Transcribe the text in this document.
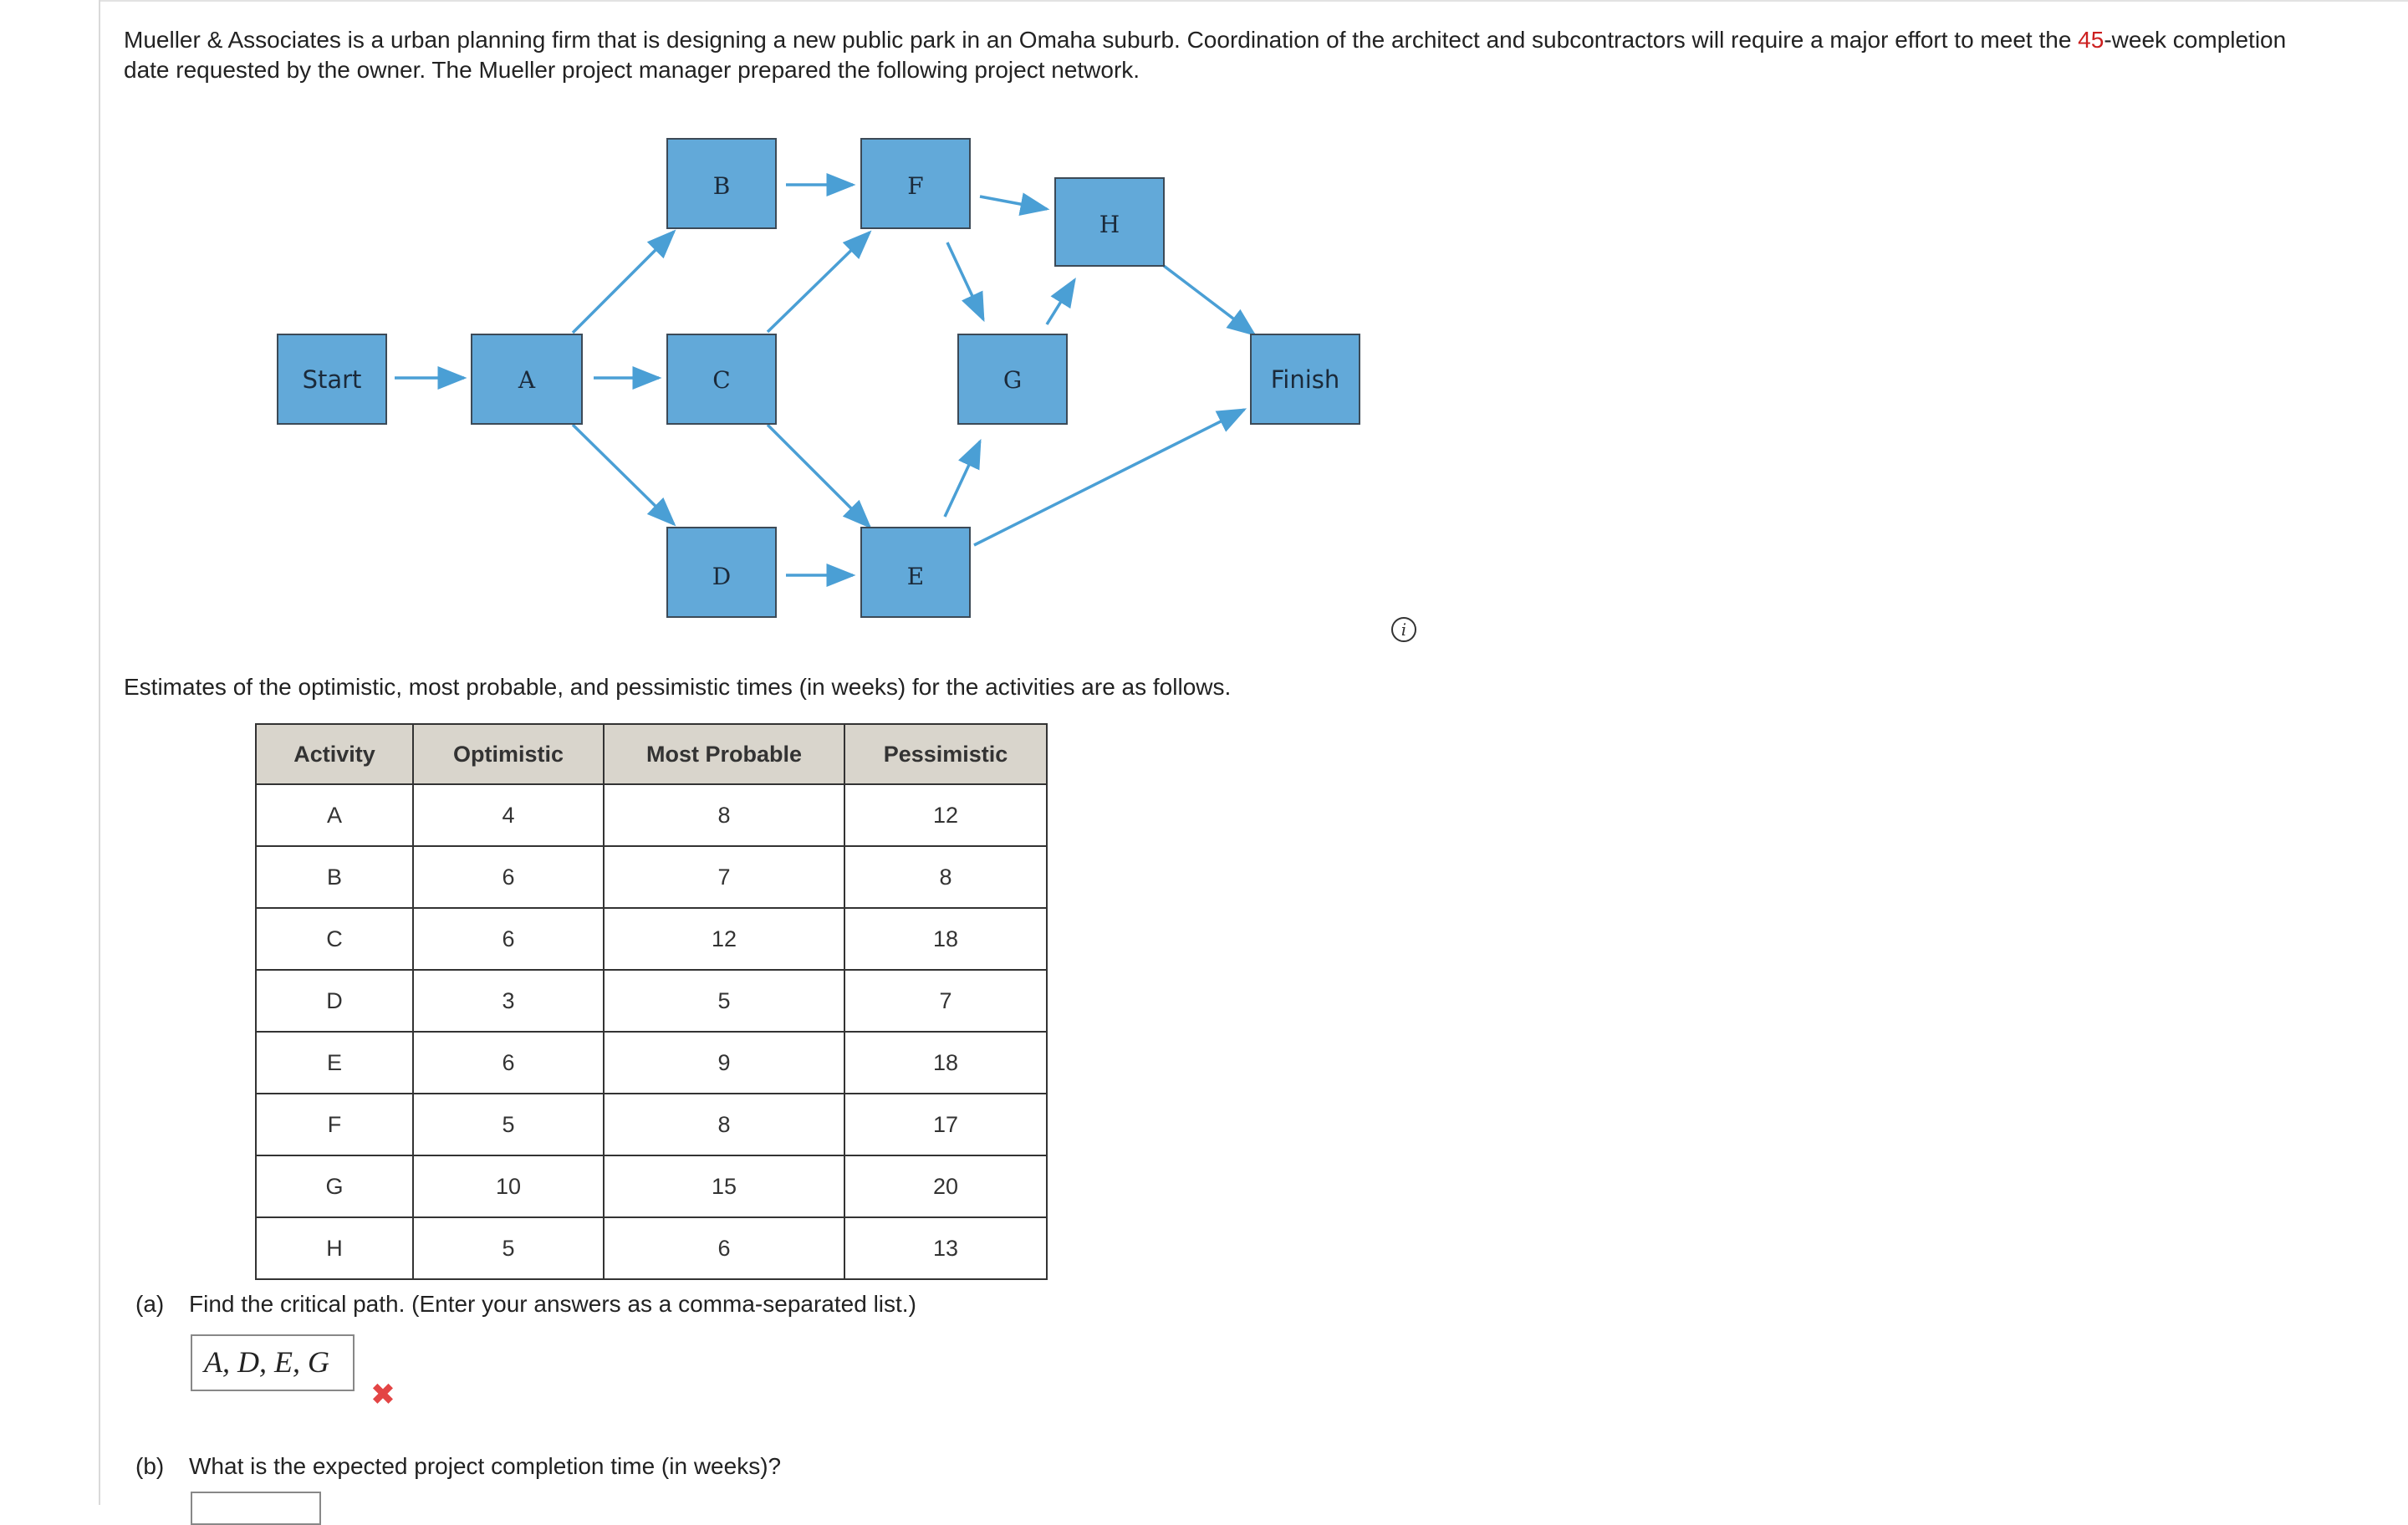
Mueller & Associates is a urban planning firm that is designing a new public park in an Omaha suburb. Coordination of the architect and subcontractors will require a major effort to meet the 45-week completion date requested by the owner. The Mueller project manager prepared the following project network.

Start	A
B
C
D	E
F
G
H
Finish
i

Estimates of the optimistic, most probable, and pessimistic times (in weeks) for the activities are as follows.

Activity	Optimistic	Most Probable	Pessimistic
A	4	8	12
B	6	7	8
C	6	12	18
D	3	5	7
E	6	9	18
F	5	8	17
G	10	15	20
H	5	6	13

(a) Find the critical path. (Enter your answers as a comma-separated list.)

A, D, E, G
✖

(b) What is the expected project completion time (in weeks)?
